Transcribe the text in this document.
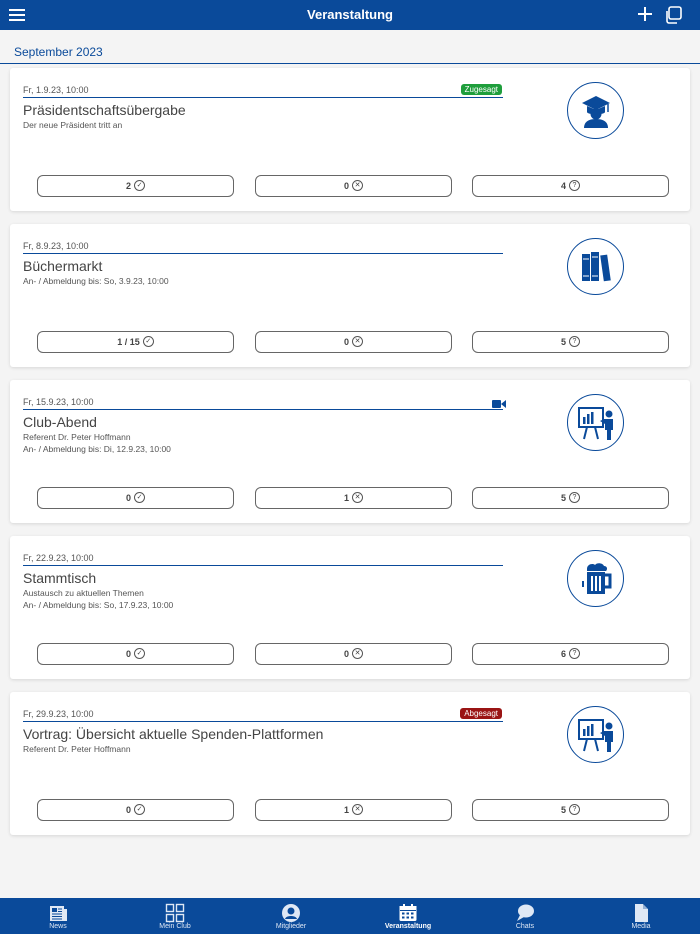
Veranstaltung
September 2023
Fr, 1.9.23, 10:00	Zugesagt
Präsidentschaftsübergabe
Der neue Präsident tritt an
2 ✓	0 ✕	4 ?
Fr, 8.9.23, 10:00
Büchermarkt
An- / Abmeldung bis: So, 3.9.23, 10:00
1 / 15 ✓	0 ✕	5 ?
Fr, 15.9.23, 10:00
Club-Abend
Referent Dr. Peter Hoffmann
An- / Abmeldung bis: Di, 12.9.23, 10:00
0 ✓	1 ✕	5 ?
Fr, 22.9.23, 10:00
Stammtisch
Austausch zu aktuellen Themen
An- / Abmeldung bis: So, 17.9.23, 10:00
0 ✓	0 ✕	6 ?
Fr, 29.9.23, 10:00	Abgesagt
Vortrag: Übersicht aktuelle Spenden-Plattformen
Referent Dr. Peter Hoffmann
0 ✓	1 ✕	5 ?
News	Mein Club	Mitglieder	Veranstaltung	Chats	Media
